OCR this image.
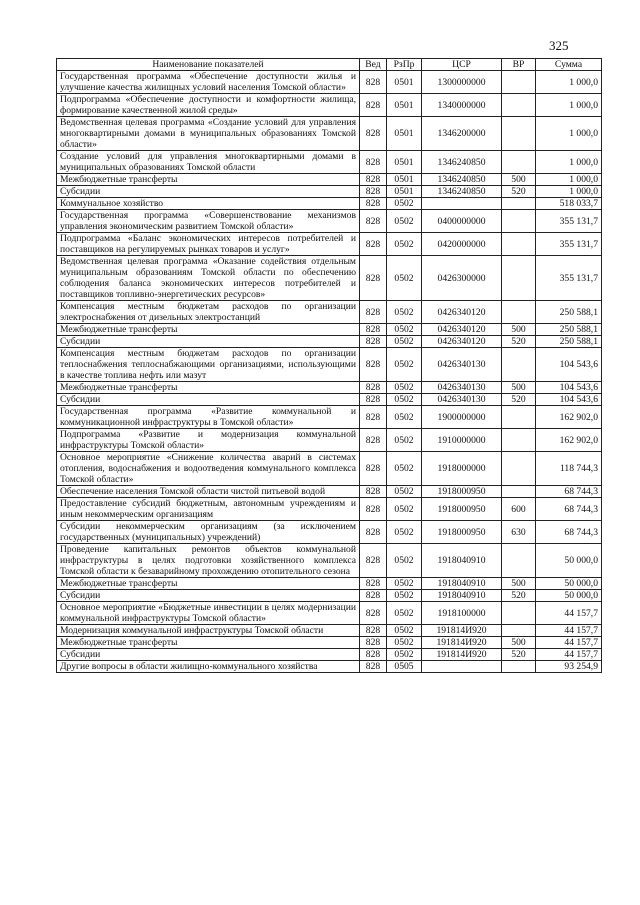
325
Наименование показателей	Вед	РзПр	ЦСР	ВР	Сумма
Государственная программа «Обеспечение доступности жилья и улучшение качества жилищных условий населения Томской области»	828	0501	1300000000		1 000,0
Подпрограмма «Обеспечение доступности и комфортности жилища, формирование качественной жилой среды»	828	0501	1340000000		1 000,0
Ведомственная целевая программа «Создание условий для управления многоквартирными домами в муниципальных образованиях Томской области»	828	0501	1346200000		1 000,0
Создание условий для управления многоквартирными домами в муниципальных образованиях Томской области	828	0501	1346240850		1 000,0
Межбюджетные трансферты	828	0501	1346240850	500	1 000,0
Субсидии	828	0501	1346240850	520	1 000,0
Коммунальное хозяйство	828	0502			518 033,7
Государственная программа «Совершенствование механизмов управления экономическим развитием Томской области»	828	0502	0400000000		355 131,7
Подпрограмма «Баланс экономических интересов потребителей и поставщиков на регулируемых рынках товаров и услуг»	828	0502	0420000000		355 131,7
Ведомственная целевая программа «Оказание содействия отдельным муниципальным образованиям Томской области по обеспечению соблюдения баланса экономических интересов потребителей и поставщиков топливно-энергетических ресурсов»	828	0502	0426300000		355 131,7
Компенсация местным бюджетам расходов по организации электроснабжения от дизельных электростанций	828	0502	0426340120		250 588,1
Межбюджетные трансферты	828	0502	0426340120	500	250 588,1
Субсидии	828	0502	0426340120	520	250 588,1
Компенсация местным бюджетам расходов по организации теплоснабжения теплоснабжающими организациями, использующими в качестве топлива нефть или мазут	828	0502	0426340130		104 543,6
Межбюджетные трансферты	828	0502	0426340130	500	104 543,6
Субсидии	828	0502	0426340130	520	104 543,6
Государственная программа «Развитие коммунальной и коммуникационной инфраструктуры в Томской области»	828	0502	1900000000		162 902,0
Подпрограмма «Развитие и модернизация коммунальной инфраструктуры Томской области»	828	0502	1910000000		162 902,0
Основное мероприятие «Снижение количества аварий в системах отопления, водоснабжения и водоотведения коммунального комплекса Томской области»	828	0502	1918000000		118 744,3
Обеспечение населения Томской области чистой питьевой водой	828	0502	1918000950		68 744,3
Предоставление субсидий бюджетным, автономным учреждениям и иным некоммерческим организациям	828	0502	1918000950	600	68 744,3
Субсидии некоммерческим организациям (за исключением государственных (муниципальных) учреждений)	828	0502	1918000950	630	68 744,3
Проведение капитальных ремонтов объектов коммунальной инфраструктуры в целях подготовки хозяйственного комплекса Томской области к безаварийному прохождению отопительного сезона	828	0502	1918040910		50 000,0
Межбюджетные трансферты	828	0502	1918040910	500	50 000,0
Субсидии	828	0502	1918040910	520	50 000,0
Основное мероприятие «Бюджетные инвестиции в целях модернизации коммунальной инфраструктуры Томской области»	828	0502	1918100000		44 157,7
Модернизация коммунальной инфраструктуры Томской области	828	0502	191814И920		44 157,7
Межбюджетные трансферты	828	0502	191814И920	500	44 157,7
Субсидии	828	0502	191814И920	520	44 157,7
Другие вопросы в области жилищно-коммунального хозяйства	828	0505			93 254,9
